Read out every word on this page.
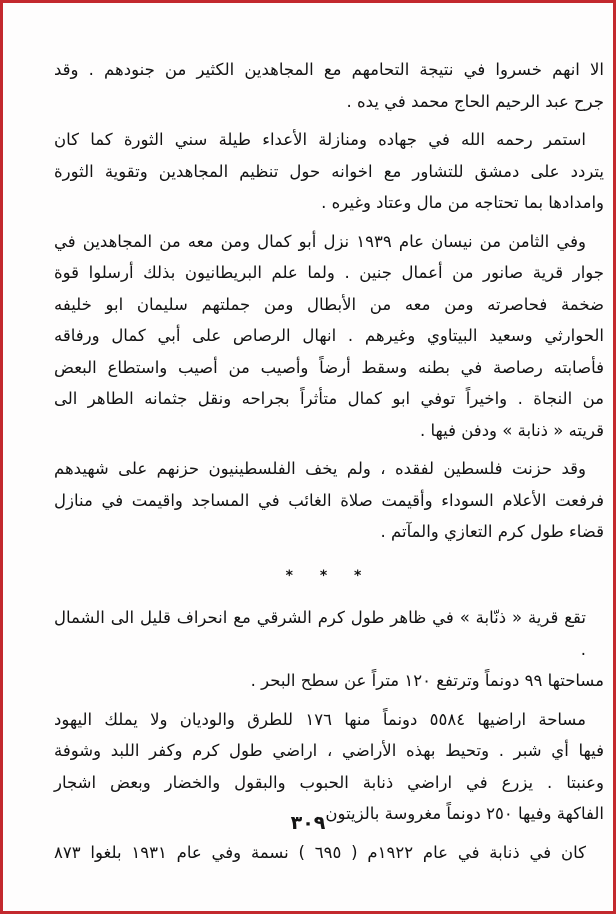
الا انهم خسروا في نتيجة التحامهم مع المجاهدين الكثير من جنودهم . وقد
جرح عبد الرحيم الحاج محمد في يده .

استمر رحمه الله في جهاده ومنازلة الأعداء طيلة سني الثورة كما كان
يتردد على دمشق للتشاور مع اخوانه حول تنظيم المجاهدين وتقوية الثورة
وامدادها بما تحتاجه من مال وعتاد وغيره .

وفي الثامن من نيسان عام ١٩٣٩ نزل أبو كمال ومن معه من المجاهدين في
جوار قرية صانور من أعمال جنين . ولما علم البريطانيون بذلك أرسلوا قوة
ضخمة فحاصرته ومن معه من الأبطال ومن جملتهم سليمان ابو خليفه
الحوارثي وسعيد البيتاوي وغيرهم . انهال الرصاص على أبي كمال ورفاقه
فأصابته رصاصة في بطنه وسقط أرضاً وأصيب من أصيب واستطاع البعض
من النجاة . واخيراً توفي ابو كمال متأثراً بجراحه ونقل جثمانه الطاهر الى
قريته « ذنابة » ودفن فيها .

وقد حزنت فلسطين لفقده ، ولم يخف الفلسطينيون حزنهم على شهيدهم
فرفعت الأعلام السوداء وأقيمت صلاة الغائب في المساجد واقيمت في منازل
قضاء طول كرم التعازي والمآتم .

* * *

تقع قرية « ذنّابة » في ظاهر طول كرم الشرقي مع انحراف قليل الى الشمال .
مساحتها ٩٩ دونماً وترتفع ١٢٠ متراً عن سطح البحر .

مساحة اراضيها ٥٥٨٤ دونماً منها ١٧٦ للطرق والوديان ولا يملك اليهود
فيها أي شبر . وتحيط بهذه الأراضي ، اراضي طول كرم وكفر اللبد وشوفة
وعنبتا . يزرع في اراضي ذنابة الحبوب والبقول والخضار وبعض اشجار
الفاكهة وفيها ٢٥٠ دونماً مغروسة بالزيتون .

كان في ذنابة في عام ١٩٢٢م ( ٦٩٥ ) نسمة وفي عام ١٩٣١ بلغوا ٨٧٣

٣٠٩
